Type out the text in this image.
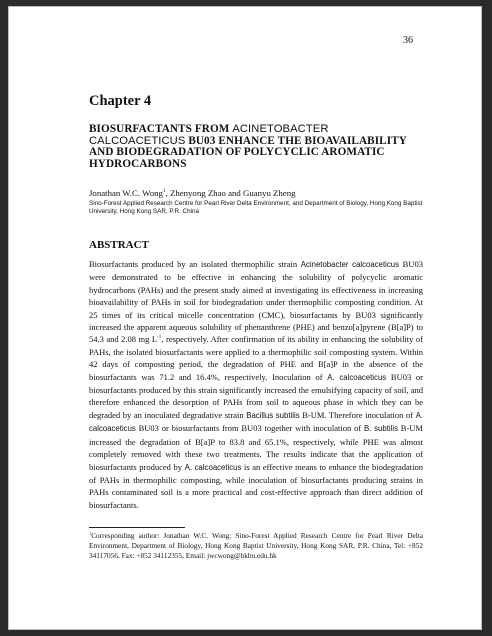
36
Chapter 4
BIOSURFACTANTS FROM ACINETOBACTER
CALCOACETICUS BU03 ENHANCE THE BIOAVAILABILITY AND BIODEGRADATION OF POLYCYCLIC AROMATIC HYDROCARBONS
Jonathan W.C. Wong$^1$, Zhenyong Zhao and Guanyu Zheng
Sino-Forest Applied Research Centre for Pearl River Delta Environment, and Department of Biology, Hong Kong Baptist University, Hong Kong SAR, P.R. China
ABSTRACT
Biosurfactants produced by an isolated thermophilic strain Acinetobacter calcoaceticus BU03 were demonstrated to be effective in enhancing the solubility of polycyclic aromatic hydrocarbons (PAHs) and the present study aimed at investigating its effectiveness in increasing bioavailability of PAHs in soil for biodegradation under thermophilic composting condition. At 25 times of its critical micelle concentration (CMC), biosurfactants by BU03 significantly increased the apparent aqueous solubility of phenanthrene (PHE) and benzo[a]pyrene (B[a]P) to 54.3 and 2.08 mg $L^{-1}$, respectively. After confirmation of its ability in enhancing the solubility of PAHs, the isolated biosurfactants were applied to a thermophilic soil composting system. Within 42 days of composting period, the degradation of PHE and B[a]P in the absence of the biosurfactants was 71.2 and 16.4%, respectively. Inoculation of A. calcoaceticus BU03 or biosurfactants produced by this strain significantly increased the emulsifying capacity of soil, and therefore enhanced the desorption of PAHs from soil to aqueous phase in which they can be degraded by an inoculated degradative strain Bacillus subtilis B-UM. Therefore inoculation of A. calcoaceticus BU03 or biosurfactants from BU03 together with inoculation of B. subtilis B-UM increased the degradation of B[a]P to 83.8 and 65.1%, respectively, while PHE was almost completely removed with these two treatments. The results indicate that the application of biosurfactants produced by A. calcoaceticus is an effective means to enhance the biodegradation of PAHs in thermophilic composting, while inoculation of biosurfactants producing strains in PAHs contaminated soil is a more practical and cost-effective approach than direct addition of biosurfactants.
$^1$Corresponding author: Jonathan W.C. Wong: Sino-Forest Applied Research Centre for Pearl River Delta Environment, Department of Biology, Hong Kong Baptist University, Hong Kong SAR, P.R. China, Tel: +852 34117056, Fax: +852 34112355, Email: jwcwong@hkbu.edu.hk
